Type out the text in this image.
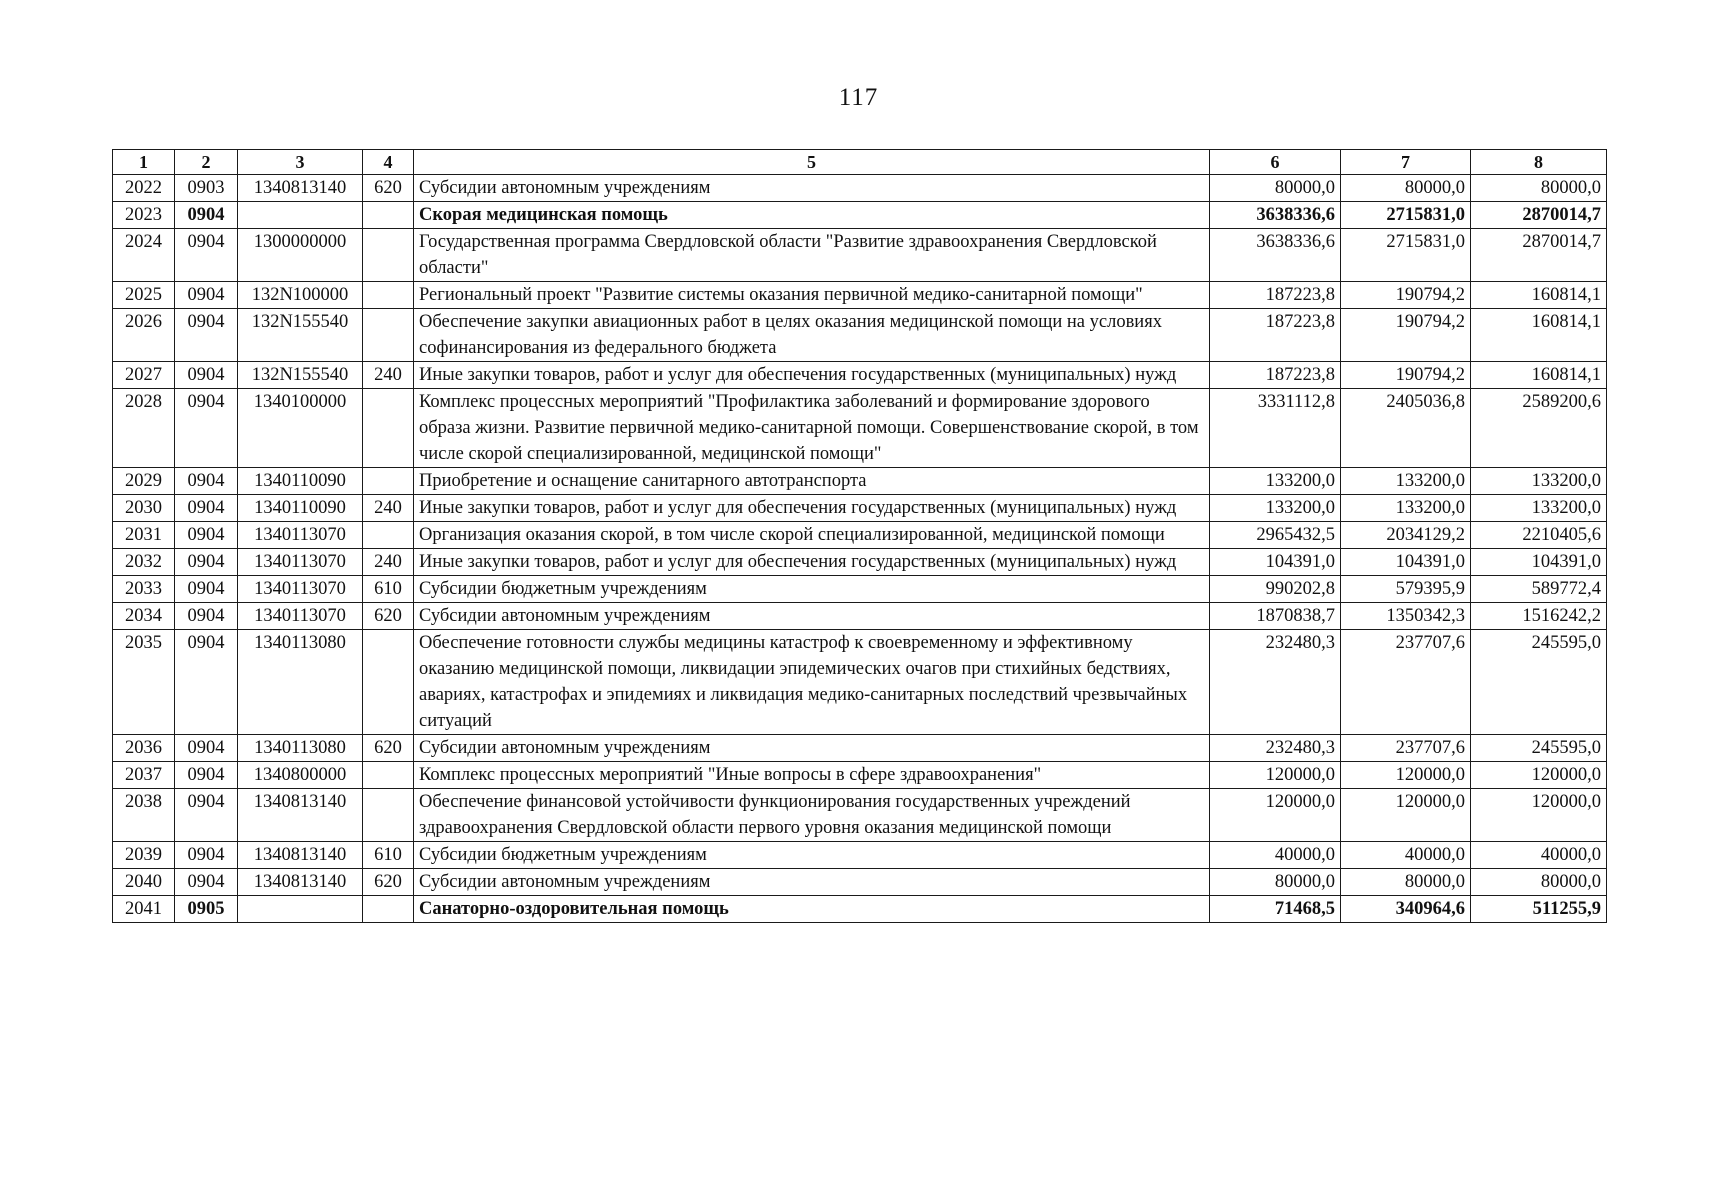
117
1	2	3	4	5	6	7	8
2022	0903	1340813140	620	Субсидии автономным учреждениям	80000,0	80000,0	80000,0
2023	0904			Скорая медицинская помощь	3638336,6	2715831,0	2870014,7
2024	0904	1300000000		Государственная программа Свердловской области "Развитие здравоохранения Свердловской области"	3638336,6	2715831,0	2870014,7
2025	0904	132N100000		Региональный проект "Развитие системы оказания первичной медико-санитарной помощи"	187223,8	190794,2	160814,1
2026	0904	132N155540		Обеспечение закупки авиационных работ в целях оказания медицинской помощи на условиях софинансирования из федерального бюджета	187223,8	190794,2	160814,1
2027	0904	132N155540	240	Иные закупки товаров, работ и услуг для обеспечения государственных (муниципальных) нужд	187223,8	190794,2	160814,1
2028	0904	1340100000		Комплекс процессных мероприятий "Профилактика заболеваний и формирование здорового образа жизни. Развитие первичной медико-санитарной помощи. Совершенствование скорой, в том числе скорой специализированной, медицинской помощи"	3331112,8	2405036,8	2589200,6
2029	0904	1340110090		Приобретение и оснащение санитарного автотранспорта	133200,0	133200,0	133200,0
2030	0904	1340110090	240	Иные закупки товаров, работ и услуг для обеспечения государственных (муниципальных) нужд	133200,0	133200,0	133200,0
2031	0904	1340113070		Организация оказания скорой, в том числе скорой специализированной, медицинской помощи	2965432,5	2034129,2	2210405,6
2032	0904	1340113070	240	Иные закупки товаров, работ и услуг для обеспечения государственных (муниципальных) нужд	104391,0	104391,0	104391,0
2033	0904	1340113070	610	Субсидии бюджетным учреждениям	990202,8	579395,9	589772,4
2034	0904	1340113070	620	Субсидии автономным учреждениям	1870838,7	1350342,3	1516242,2
2035	0904	1340113080		Обеспечение готовности службы медицины катастроф к своевременному и эффективному оказанию медицинской помощи, ликвидации эпидемических очагов при стихийных бедствиях, авариях, катастрофах и эпидемиях и ликвидация медико-санитарных последствий чрезвычайных ситуаций	232480,3	237707,6	245595,0
2036	0904	1340113080	620	Субсидии автономным учреждениям	232480,3	237707,6	245595,0
2037	0904	1340800000		Комплекс процессных мероприятий "Иные вопросы в сфере здравоохранения"	120000,0	120000,0	120000,0
2038	0904	1340813140		Обеспечение финансовой устойчивости функционирования государственных учреждений здравоохранения Свердловской области первого уровня оказания медицинской помощи	120000,0	120000,0	120000,0
2039	0904	1340813140	610	Субсидии бюджетным учреждениям	40000,0	40000,0	40000,0
2040	0904	1340813140	620	Субсидии автономным учреждениям	80000,0	80000,0	80000,0
2041	0905			Санаторно-оздоровительная помощь	71468,5	340964,6	511255,9
